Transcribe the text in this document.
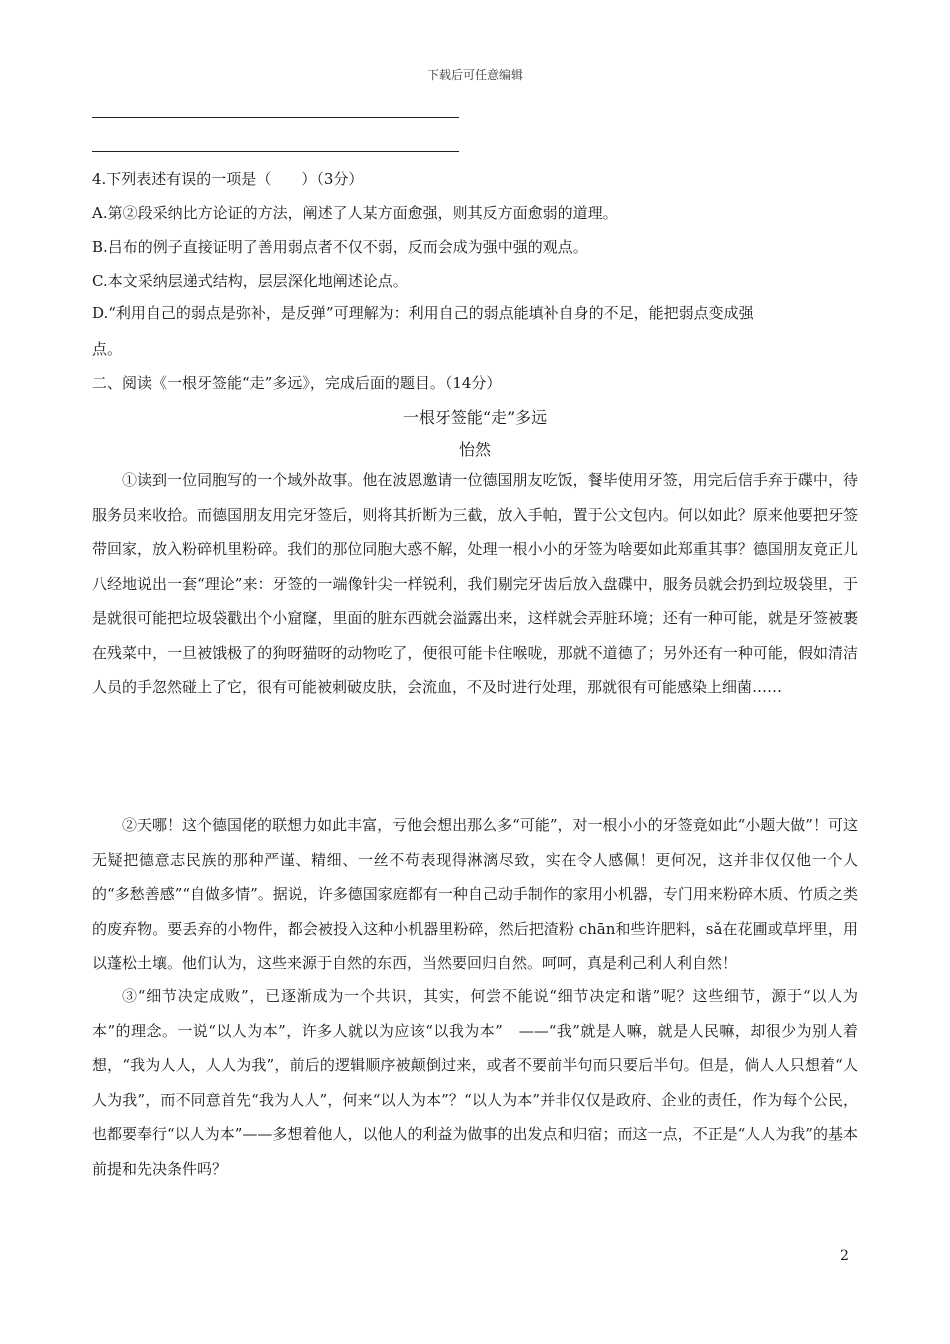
下载后可任意编辑
4.下列表述有误的一项是（　　）（3分）
A.第②段采纳比方论证的方法，阐述了人某方面愈强，则其反方面愈弱的道理。
B.吕布的例子直接证明了善用弱点者不仅不弱，反而会成为强中强的观点。
C.本文采纳层递式结构，层层深化地阐述论点。
D.“利用自己的弱点是弥补，是反弹”可理解为：利用自己的弱点能填补自身的不足，能把弱点变成强
点。
二、阅读《一根牙签能“走”多远》，完成后面的题目。（14分）
一根牙签能“走”多远
怡然

①读到一位同胞写的一个域外故事。他在波恩邀请一位德国朋友吃饭，餐毕使用牙签，用完后信手弃于碟中，待服务员来收拾。而德国朋友用完牙签后，则将其折断为三截，放入手帕，置于公文包内。何以如此？原来他要把牙签带回家，放入粉碎机里粉碎。我们的那位同胞大惑不解，处理一根小小的牙签为啥要如此郑重其事？德国朋友竟正儿八经地说出一套“理论”来：牙签的一端像针尖一样锐利，我们剔完牙齿后放入盘碟中，服务员就会扔到垃圾袋里，于是就很可能把垃圾袋戳出个小窟窿，里面的脏东西就会溢露出来，这样就会弄脏环境；还有一种可能，就是牙签被裹在残菜中，一旦被饿极了的狗呀猫呀的动物吃了，便很可能卡住喉咙，那就不道德了；另外还有一种可能，假如清洁人员的手忽然碰上了它，很有可能被刺破皮肤，会流血，不及时进行处理，那就很有可能感染上细菌……

②天哪！这个德国佬的联想力如此丰富，亏他会想出那么多“可能”，对一根小小的牙签竟如此“小题大做”！可这无疑把德意志民族的那种严谨、精细、一丝不苟表现得淋漓尽致，实在令人感佩！更何况，这并非仅仅他一个人的“多愁善感”“自做多情”。据说，许多德国家庭都有一种自己动手制作的家用小机器，专门用来粉碎木质、竹质之类的废弃物。要丢弃的小物件，都会被投入这种小机器里粉碎，然后把渣粉 chān和些许肥料，sǎ在花圃或草坪里，用以蓬松土壤。他们认为，这些来源于自然的东西，当然要回归自然。呵呵，真是利己利人利自然！

③“细节决定成败”，已逐渐成为一个共识，其实，何尝不能说“细节决定和谐”呢？这些细节，源于“以人为本”的理念。一说“以人为本”，许多人就以为应该“以我为本”　——“我”就是人嘛，就是人民嘛，却很少为别人着想，“我为人人，人人为我”，前后的逻辑顺序被颠倒过来，或者不要前半句而只要后半句。但是，倘人人只想着“人人为我”，而不同意首先“我为人人”，何来“以人为本”？“以人为本”并非仅仅是政府、企业的责任，作为每个公民，也都要奉行“以人为本”——多想着他人，以他人的利益为做事的出发点和归宿；而这一点，不正是“人人为我”的基本前提和先决条件吗？

2
